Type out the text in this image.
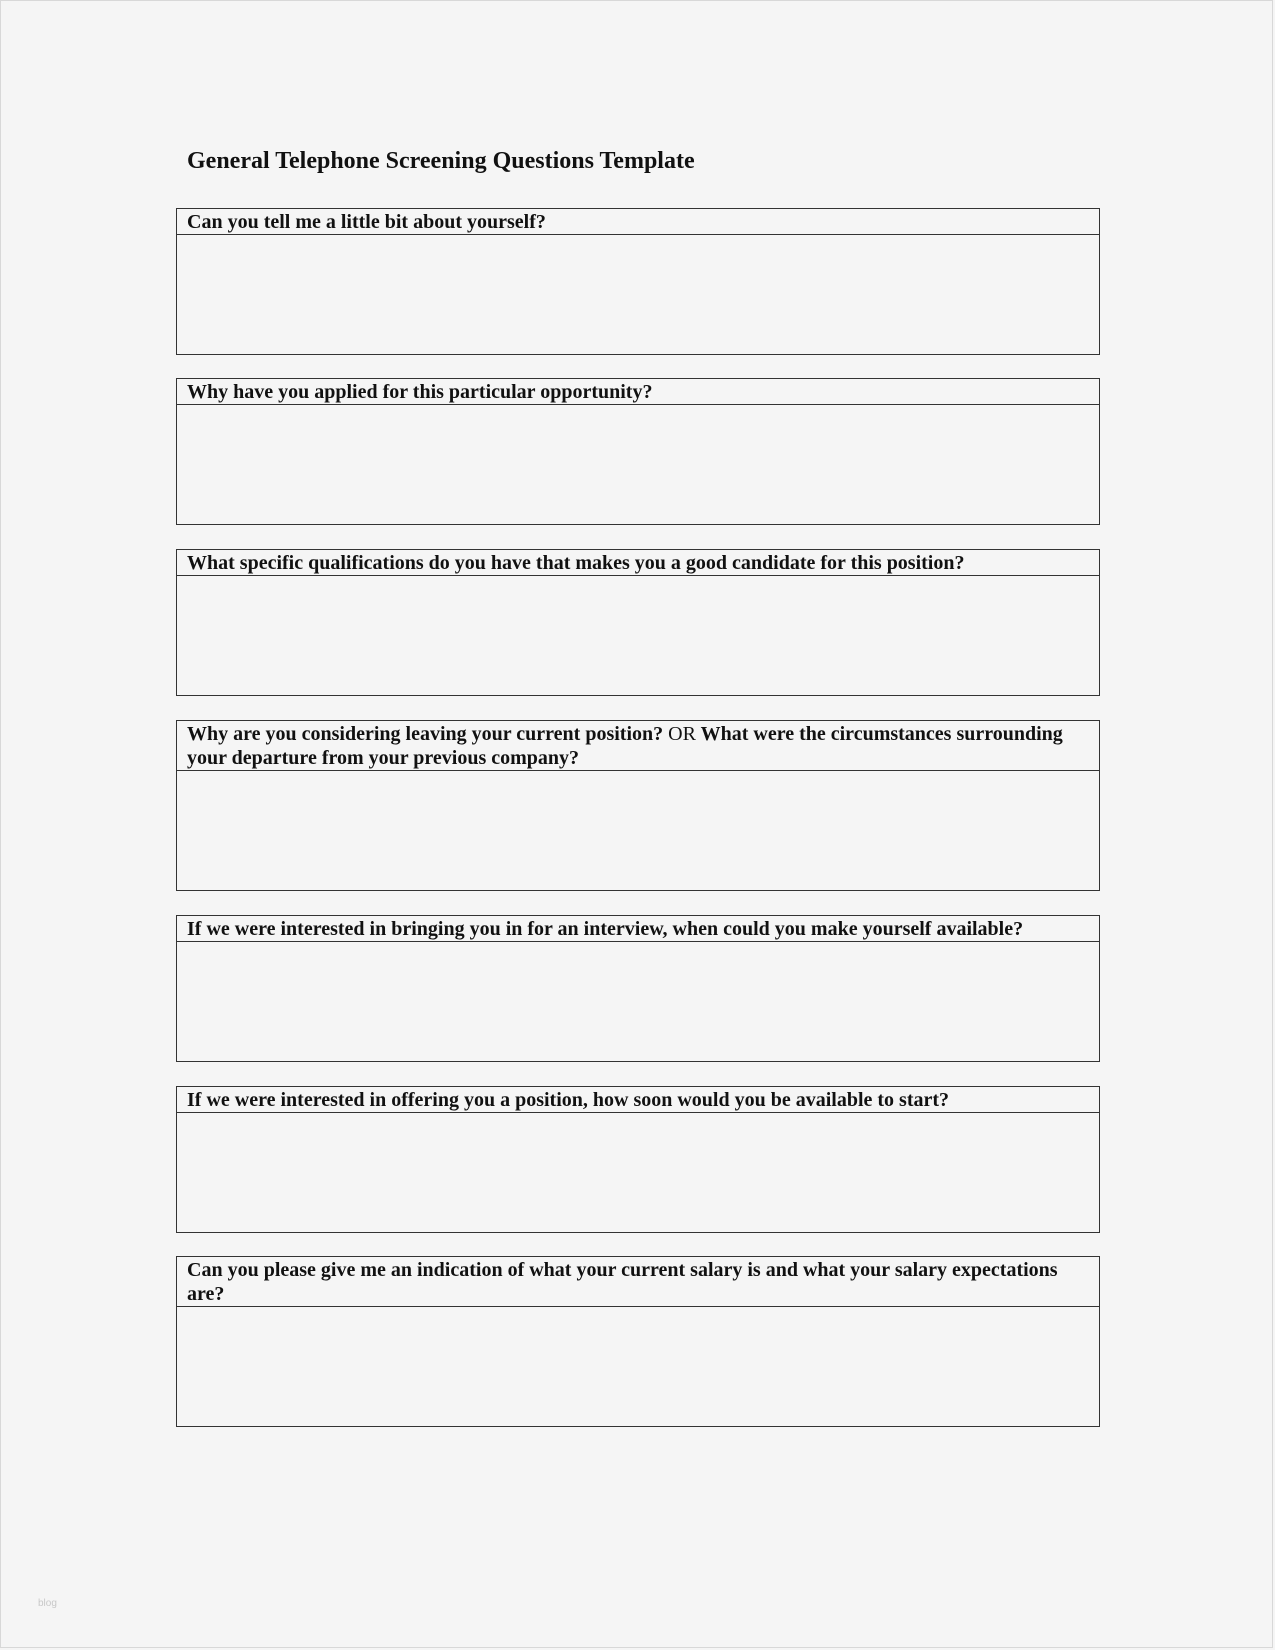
General Telephone Screening Questions Template
Can you tell me a little bit about yourself?
Why have you applied for this particular opportunity?
What specific qualifications do you have that makes you a good candidate for this position?
Why are you considering leaving your current position? OR What were the circumstances surrounding your departure from your previous company?
If we were interested in bringing you in for an interview, when could you make yourself available?
If we were interested in offering you a position, how soon would you be available to start?
Can you please give me an indication of what your current salary is and what your salary expectations are?
blog
